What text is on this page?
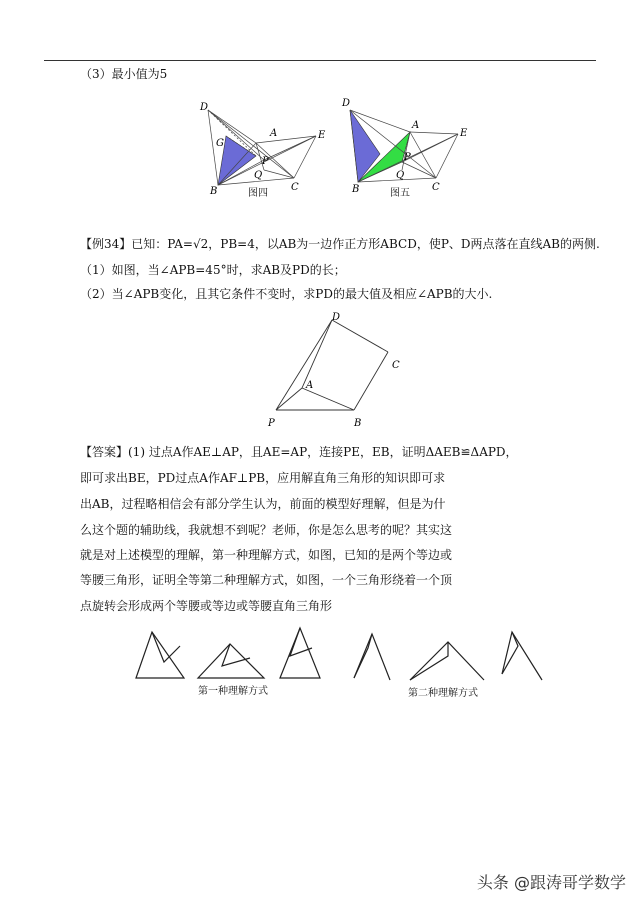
（3）最小值为5
D
A	E
G
P
Q
B	C
图四
D
A
E
P
Q
B	C
图五
【例34】已知：PA=√2，PB=4，以AB为一边作正方形ABCD，使P、D两点落在直线AB的两侧.
（1）如图，当∠APB=45°时，求AB及PD的长；
（2）当∠APB变化，且其它条件不变时，求PD的最大值及相应∠APB的大小.
D
C
A
P	B
【答案】(1) 过点A作AE⊥AP，且AE=AP，连接PE，EB，证明ΔAEB≌ΔAPD，
即可求出BE，PD过点A作AF⊥PB，应用解直角三角形的知识即可求
出AB，过程略相信会有部分学生认为，前面的模型好理解，但是为什
么这个题的辅助线，我就想不到呢？老师，你是怎么思考的呢？其实这
就是对上述模型的理解，第一种理解方式，如图，已知的是两个等边或
等腰三角形，证明全等第二种理解方式，如图，一个三角形绕着一个顶
点旋转会形成两个等腰或等边或等腰直角三角形
第一种理解方式	第二种理解方式
头条 @跟涛哥学数学
